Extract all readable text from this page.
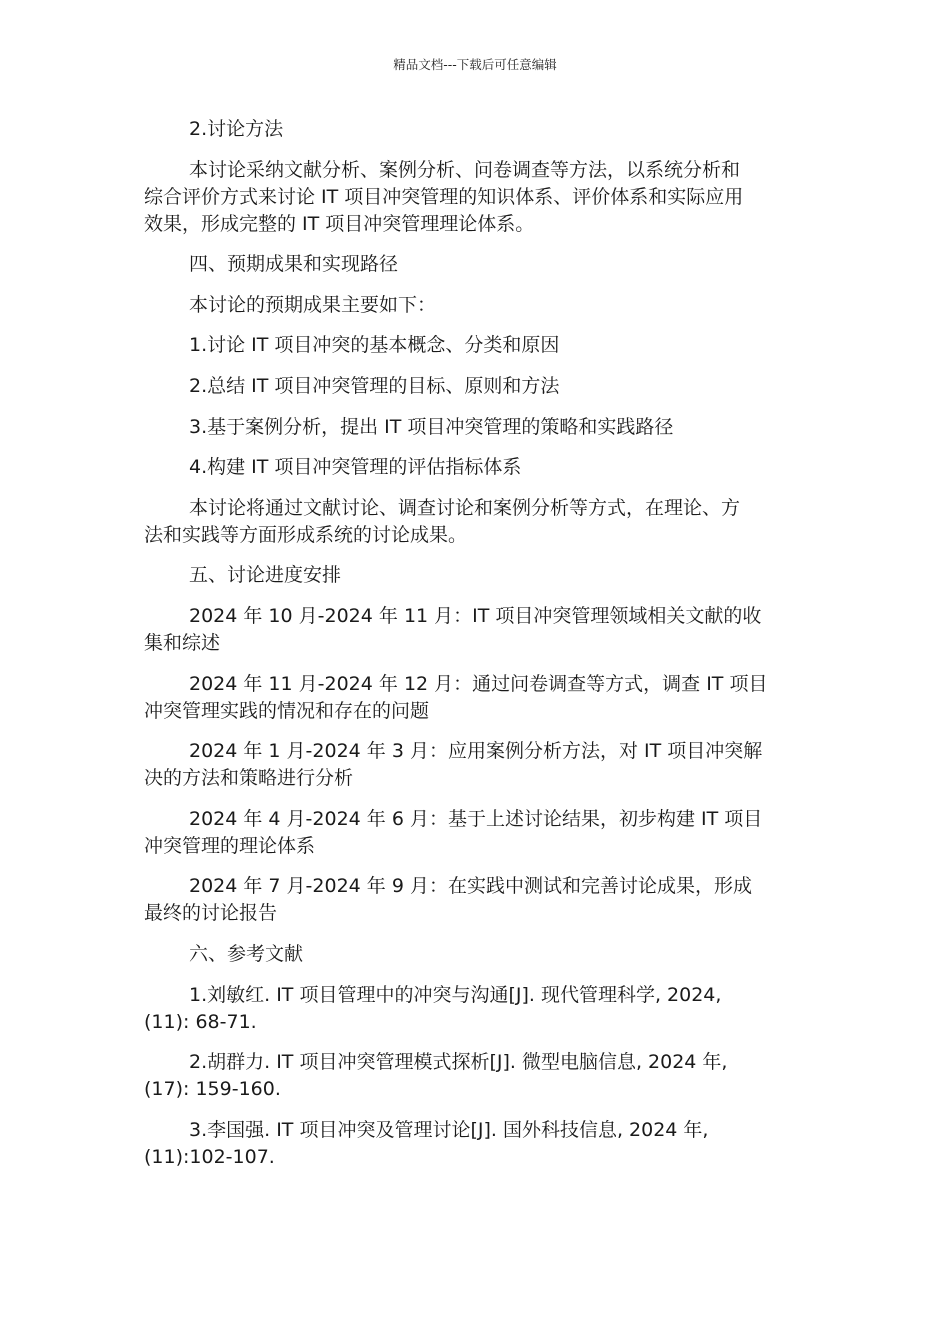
精品文档---下载后可任意编辑
2.讨论方法
本讨论采纳文献分析、案例分析、问卷调查等方法，以系统分析和
综合评价方式来讨论 IT 项目冲突管理的知识体系、评价体系和实际应用
效果，形成完整的 IT 项目冲突管理理论体系。
四、预期成果和实现路径
本讨论的预期成果主要如下：
1.讨论 IT 项目冲突的基本概念、分类和原因
2.总结 IT 项目冲突管理的目标、原则和方法
3.基于案例分析，提出 IT 项目冲突管理的策略和实践路径
4.构建 IT 项目冲突管理的评估指标体系
本讨论将通过文献讨论、调查讨论和案例分析等方式，在理论、方
法和实践等方面形成系统的讨论成果。
五、讨论进度安排
2024 年 10 月-2024 年 11 月：IT 项目冲突管理领域相关文献的收
集和综述
2024 年 11 月-2024 年 12 月：通过问卷调查等方式，调查 IT 项目
冲突管理实践的情况和存在的问题
2024 年 1 月-2024 年 3 月：应用案例分析方法，对 IT 项目冲突解
决的方法和策略进行分析
2024 年 4 月-2024 年 6 月：基于上述讨论结果，初步构建 IT 项目
冲突管理的理论体系
2024 年 7 月-2024 年 9 月：在实践中测试和完善讨论成果，形成
最终的讨论报告
六、参考文献
1.刘敏红. IT 项目管理中的冲突与沟通[J]. 现代管理科学, 2024,
(11): 68-71.
2.胡群力. IT 项目冲突管理模式探析[J]. 微型电脑信息, 2024 年,
(17): 159-160.
3.李国强. IT 项目冲突及管理讨论[J]. 国外科技信息, 2024 年,
(11):102-107.
